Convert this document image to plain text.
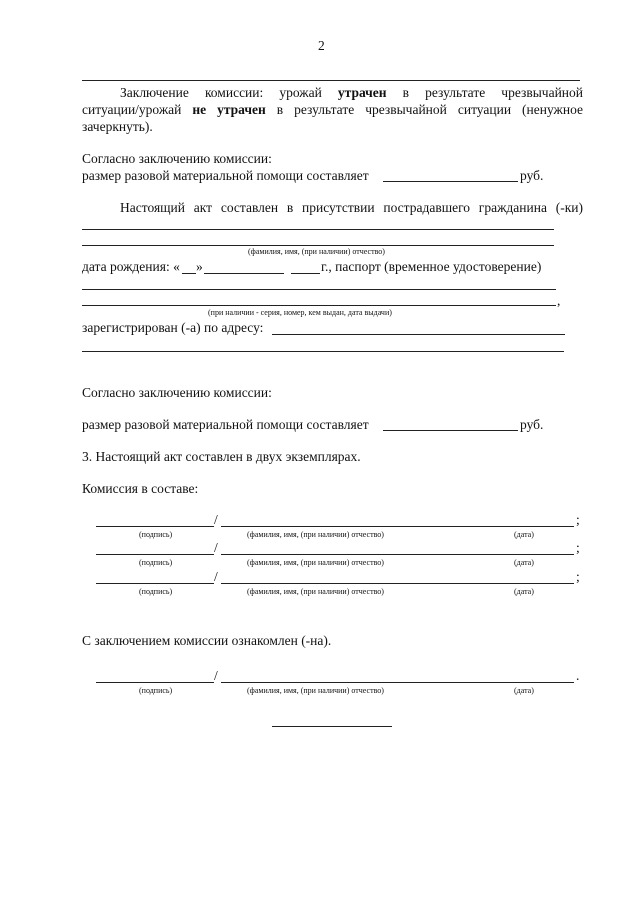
2
Заключение комиссии: урожай утрачен в результате чрезвычайной
ситуации/урожай не утрачен в результате чрезвычайной ситуации (ненужное
зачеркнуть).
Согласно заключению комиссии:
размер разовой материальной помощи составляет	руб.
Настоящий акт составлен в присутствии пострадавшего гражданина (-ки)
(фамилия, имя, (при наличии) отчество)
дата рождения: « »	г., паспорт (временное удостоверение)
,
(при наличии - серия, номер, кем выдан, дата выдачи)
зарегистрирован (-а) по адресу:
Согласно заключению комиссии:
размер разовой материальной помощи составляет	руб.
3. Настоящий акт составлен в двух экземплярах.
Комиссия в составе:
/	;
(подпись)	(фамилия, имя, (при наличии) отчество)	(дата)
/	;
(подпись)	(фамилия, имя, (при наличии) отчество)	(дата)
/	;
(подпись)	(фамилия, имя, (при наличии) отчество)	(дата)
С заключением комиссии ознакомлен (-на).
/	.
(подпись)	(фамилия, имя, (при наличии) отчество)	(дата)
